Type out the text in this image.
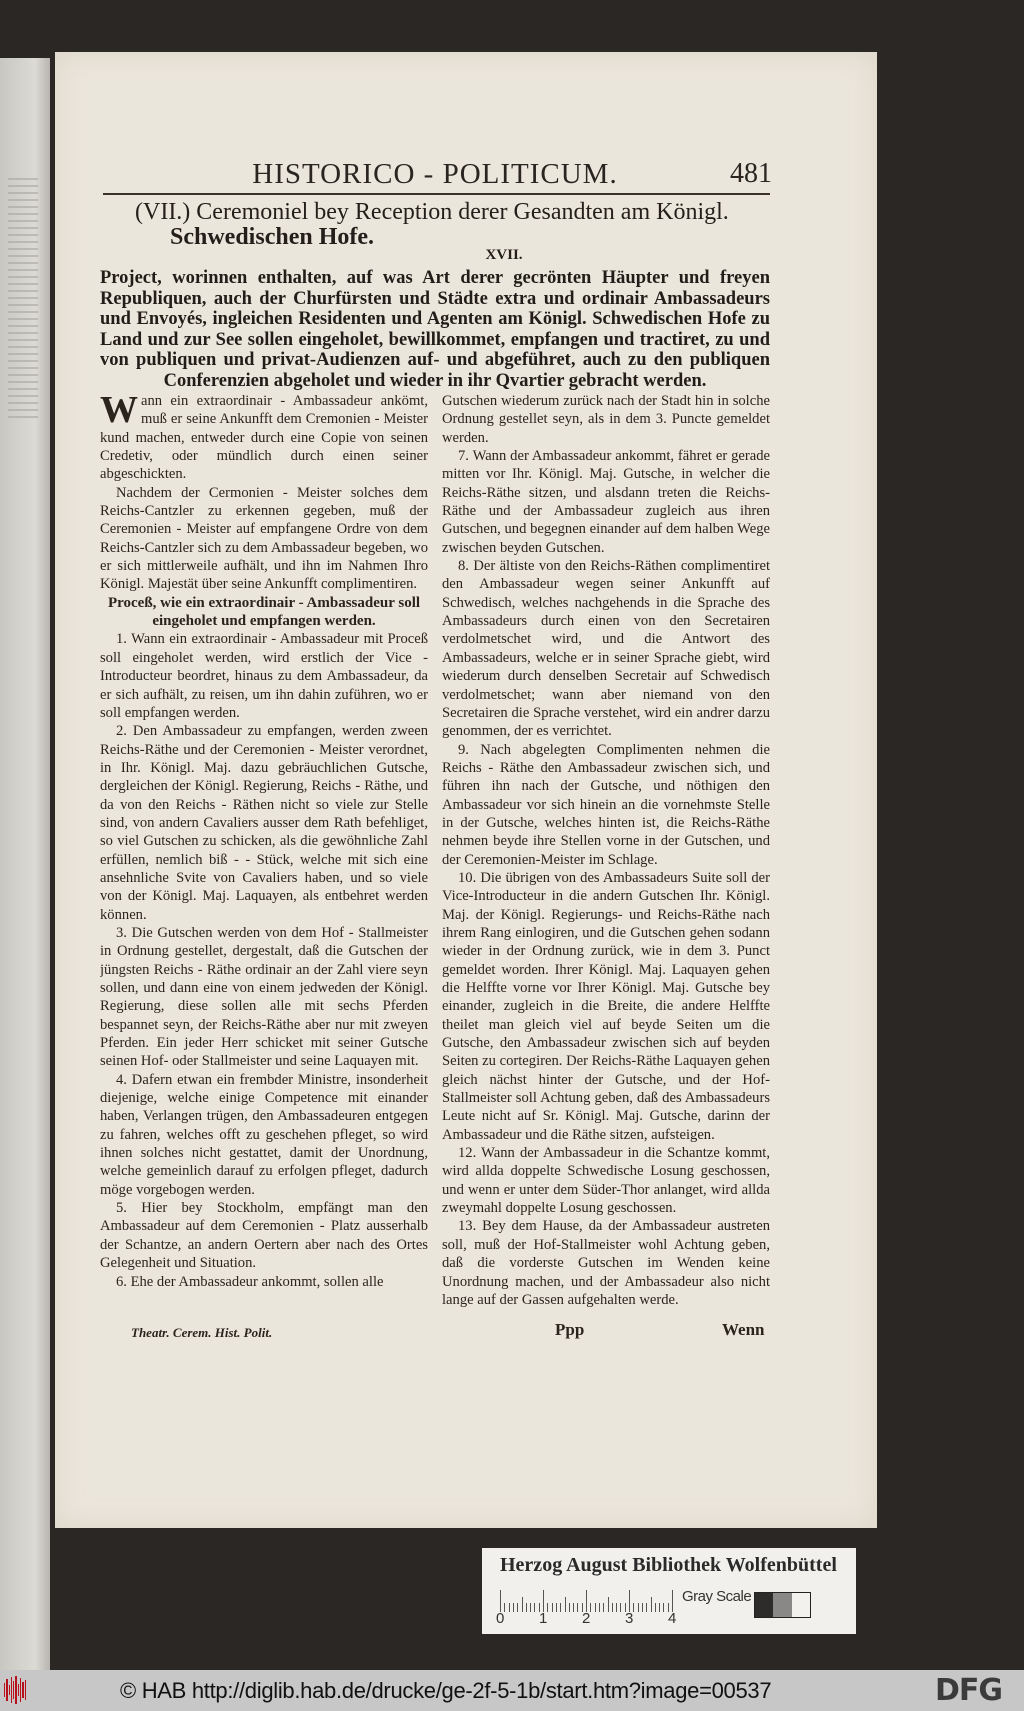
HISTORICO - POLITICUM.	481
(VII.) Ceremoniel bey Reception derer Gesandten am Königl.
Schwedischen Hofe.
XVII.
Project, worinnen enthalten, auf was Art derer gecrönten Häupter und freyen Republiquen, auch der Churfürsten und Städte extra und ordinair Ambassadeurs und Envoyés, ingleichen Residenten und Agenten am Königl. Schwedischen Hofe zu Land und zur See sollen eingeholet, bewillkommet, empfangen und tractiret, zu und von publiquen und privat-Audienzen auf- und abgeführet, auch zu den publiquen Conferenzien abgeholet und wieder in ihr Qvartier gebracht werden.

Wann ein extraordinair - Ambassadeur ankömt, muß er seine Ankunfft dem Cremonien - Meister kund machen, entweder durch eine Copie von seinen Credetiv, oder mündlich durch einen seiner abgeschickten.

Nachdem der Cermonien - Meister solches dem Reichs-Cantzler zu erkennen gegeben, muß der Ceremonien - Meister auf empfangene Ordre von dem Reichs-Cantzler sich zu dem Ambassadeur begeben, wo er sich mittlerweile aufhält, und ihn im Nahmen Ihro Königl. Majestät über seine Ankunfft complimentiren.

Proceß, wie ein extraordinair - Ambassadeur soll eingeholet und empfangen werden.

1. Wann ein extraordinair - Ambassadeur mit Proceß soll eingeholet werden, wird erstlich der Vice - Introducteur beordret, hinaus zu dem Ambassadeur, da er sich aufhält, zu reisen, um ihn dahin zuführen, wo er soll empfangen werden.

2. Den Ambassadeur zu empfangen, werden zween Reichs-Räthe und der Ceremonien - Meister verordnet, in Ihr. Königl. Maj. dazu gebräuchlichen Gutsche, dergleichen der Königl. Regierung, Reichs - Räthe, und da von den Reichs - Räthen nicht so viele zur Stelle sind, von andern Cavaliers ausser dem Rath befehliget, so viel Gutschen zu schicken, als die gewöhnliche Zahl erfüllen, nemlich biß - - Stück, welche mit sich eine ansehnliche Svite von Cavaliers haben, und so viele von der Königl. Maj. Laquayen, als entbehret werden können.

3. Die Gutschen werden von dem Hof - Stallmeister in Ordnung gestellet, dergestalt, daß die Gutschen der jüngsten Reichs - Räthe ordinair an der Zahl viere seyn sollen, und dann eine von einem jedweden der Königl. Regierung, diese sollen alle mit sechs Pferden bespannet seyn, der Reichs-Räthe aber nur mit zweyen Pferden. Ein jeder Herr schicket mit seiner Gutsche seinen Hof- oder Stallmeister und seine Laquayen mit.

4. Dafern etwan ein frembder Ministre, insonderheit diejenige, welche einige Competence mit einander haben, Verlangen trügen, den Ambassadeuren entgegen zu fahren, welches offt zu geschehen pfleget, so wird ihnen solches nicht gestattet, damit der Unordnung, welche gemeinlich darauf zu erfolgen pfleget, dadurch möge vorgebogen werden.

5. Hier bey Stockholm, empfängt man den Ambassadeur auf dem Ceremonien - Platz ausserhalb der Schantze, an andern Oertern aber nach des Ortes Gelegenheit und Situation.

6. Ehe der Ambassadeur ankommt, sollen alle

Gutschen wiederum zurück nach der Stadt hin in solche Ordnung gestellet seyn, als in dem 3. Puncte gemeldet werden.

7. Wann der Ambassadeur ankommt, fähret er gerade mitten vor Ihr. Königl. Maj. Gutsche, in welcher die Reichs-Räthe sitzen, und alsdann treten die Reichs-Räthe und der Ambassadeur zugleich aus ihren Gutschen, und begegnen einander auf dem halben Wege zwischen beyden Gutschen.

8. Der ältiste von den Reichs-Räthen complimentiret den Ambassadeur wegen seiner Ankunfft auf Schwedisch, welches nachgehends in die Sprache des Ambassadeurs durch einen von den Secretairen verdolmetschet wird, und die Antwort des Ambassadeurs, welche er in seiner Sprache giebt, wird wiederum durch denselben Secretair auf Schwedisch verdolmetschet; wann aber niemand von den Secretairen die Sprache verstehet, wird ein andrer darzu genommen, der es verrichtet.

9. Nach abgelegten Complimenten nehmen die Reichs - Räthe den Ambassadeur zwischen sich, und führen ihn nach der Gutsche, und nöthigen den Ambassadeur vor sich hinein an die vornehmste Stelle in der Gutsche, welches hinten ist, die Reichs-Räthe nehmen beyde ihre Stellen vorne in der Gutschen, und der Ceremonien-Meister im Schlage.

10. Die übrigen von des Ambassadeurs Suite soll der Vice-Introducteur in die andern Gutschen Ihr. Königl. Maj. der Königl. Regierungs- und Reichs-Räthe nach ihrem Rang einlogiren, und die Gutschen gehen sodann wieder in der Ordnung zurück, wie in dem 3. Punct gemeldet worden. Ihrer Königl. Maj. Laquayen gehen die Helffte vorne vor Ihrer Königl. Maj. Gutsche bey einander, zugleich in die Breite, die andere Helffte theilet man gleich viel auf beyde Seiten um die Gutsche, den Ambassadeur zwischen sich auf beyden Seiten zu cortegiren. Der Reichs-Räthe Laquayen gehen gleich nächst hinter der Gutsche, und der Hof-Stallmeister soll Achtung geben, daß des Ambassadeurs Leute nicht auf Sr. Königl. Maj. Gutsche, darinn der Ambassadeur und die Räthe sitzen, aufsteigen.

12. Wann der Ambassadeur in die Schantze kommt, wird allda doppelte Schwedische Losung geschossen, und wenn er unter dem Süder-Thor anlanget, wird allda zweymahl doppelte Losung geschossen.

13. Bey dem Hause, da der Ambassadeur austreten soll, muß der Hof-Stallmeister wohl Achtung geben, daß die vorderste Gutschen im Wenden keine Unordnung machen, und der Ambassadeur also nicht lange auf der Gassen aufgehalten werde.

Theatr. Cerem. Hist. Polit.	Ppp	Wenn
Herzog August Bibliothek Wolfenbüttel
0 1 2 3 4
Gray Scale
© HAB http://diglib.hab.de/drucke/ge-2f-5-1b/start.htm?image=00537	DFG
